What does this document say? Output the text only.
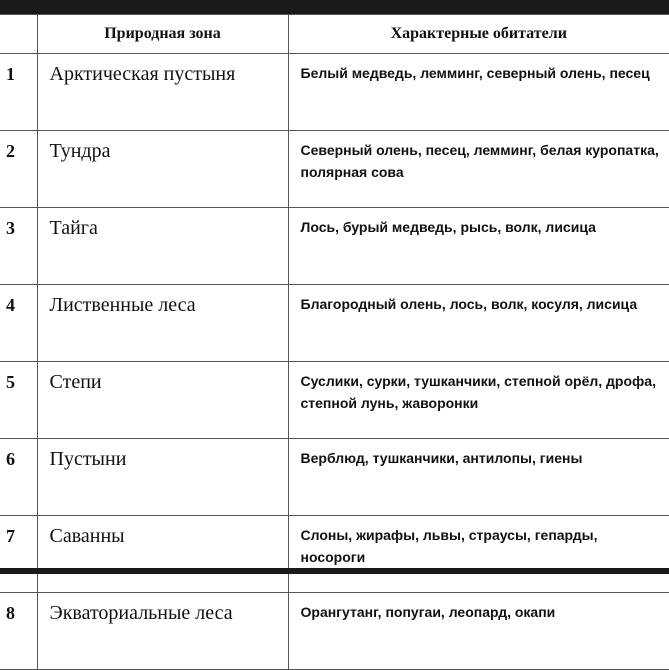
	Природная зона	Характерные обитатели
1	Арктическая пустыня	Белый медведь, лемминг, северный олень, песец
2	Тундра	Северный олень, песец, лемминг, белая куропатка, полярная сова
3	Тайга	Лось, бурый медведь, рысь, волк, лисица
4	Лиственные леса	Благородный олень, лось, волк, косуля, лисица
5	Степи	Суслики, сурки, тушканчики, степной орёл, дрофа, степной лунь, жаворонки
6	Пустыни	Верблюд, тушканчики, антилопы, гиены
7	Саванны	Слоны, жирафы, львы, страусы, гепарды, носороги
8	Экваториальные леса	Орангутанг, попугаи, леопард, окапи
